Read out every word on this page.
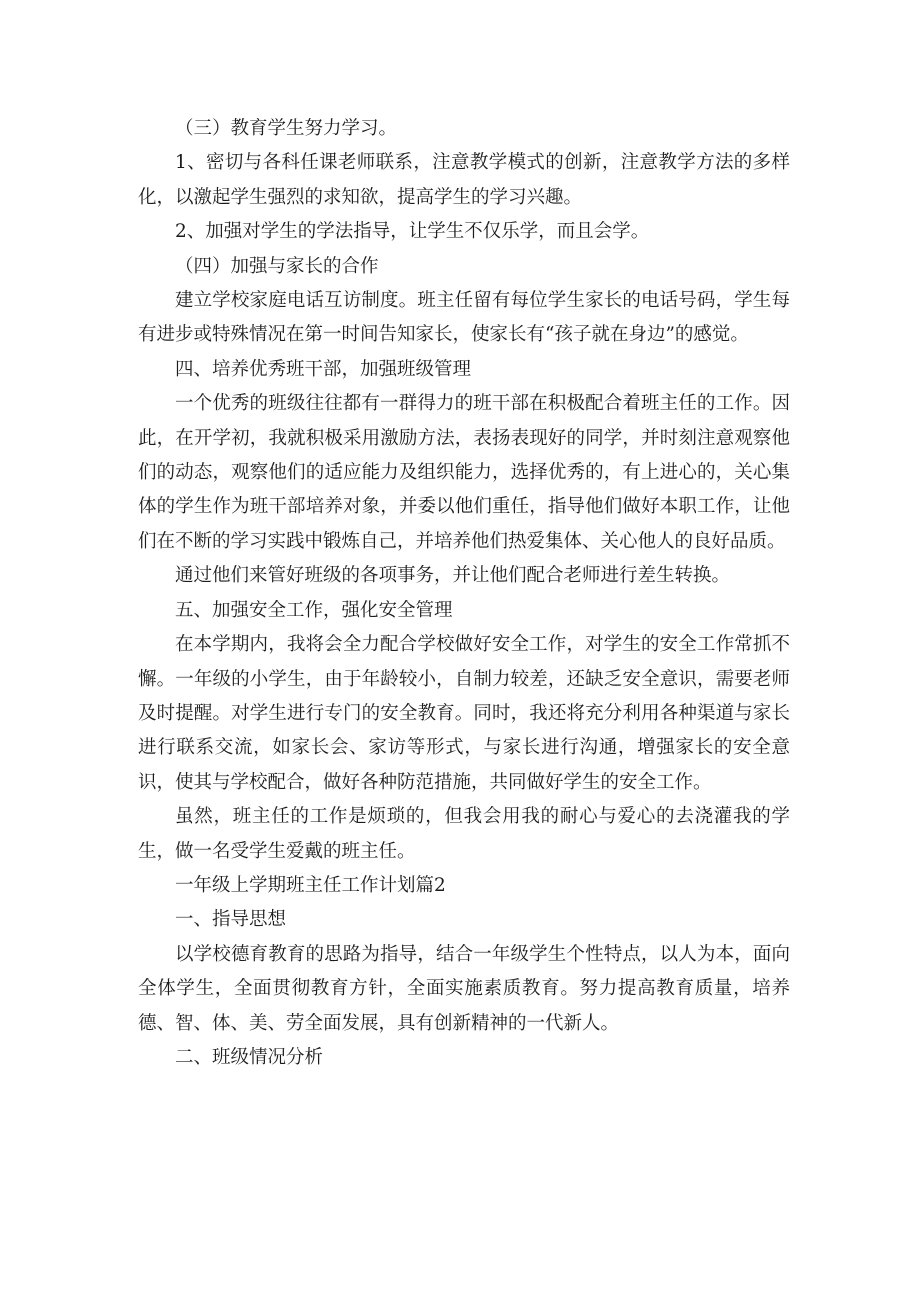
（三）教育学生努力学习。

1、密切与各科任课老师联系，注意教学模式的创新，注意教学方法的多样化，以激起学生强烈的求知欲，提高学生的学习兴趣。

2、加强对学生的学法指导，让学生不仅乐学，而且会学。

（四）加强与家长的合作

建立学校家庭电话互访制度。班主任留有每位学生家长的电话号码，学生每有进步或特殊情况在第一时间告知家长，使家长有“孩子就在身边”的感觉。

四、培养优秀班干部，加强班级管理

一个优秀的班级往往都有一群得力的班干部在积极配合着班主任的工作。因此，在开学初，我就积极采用激励方法，表扬表现好的同学，并时刻注意观察他们的动态，观察他们的适应能力及组织能力，选择优秀的，有上进心的，关心集体的学生作为班干部培养对象，并委以他们重任，指导他们做好本职工作，让他们在不断的学习实践中锻炼自己，并培养他们热爱集体、关心他人的良好品质。

通过他们来管好班级的各项事务，并让他们配合老师进行差生转换。

五、加强安全工作，强化安全管理

在本学期内，我将会全力配合学校做好安全工作，对学生的安全工作常抓不懈。一年级的小学生，由于年龄较小，自制力较差，还缺乏安全意识，需要老师及时提醒。对学生进行专门的安全教育。同时，我还将充分利用各种渠道与家长进行联系交流，如家长会、家访等形式，与家长进行沟通，增强家长的安全意识，使其与学校配合，做好各种防范措施，共同做好学生的安全工作。

虽然，班主任的工作是烦琐的，但我会用我的耐心与爱心的去浇灌我的学生，做一名受学生爱戴的班主任。

一年级上学期班主任工作计划篇2

一、指导思想

以学校德育教育的思路为指导，结合一年级学生个性特点，以人为本，面向全体学生，全面贯彻教育方针，全面实施素质教育。努力提高教育质量，培养德、智、体、美、劳全面发展，具有创新精神的一代新人。

二、班级情况分析
